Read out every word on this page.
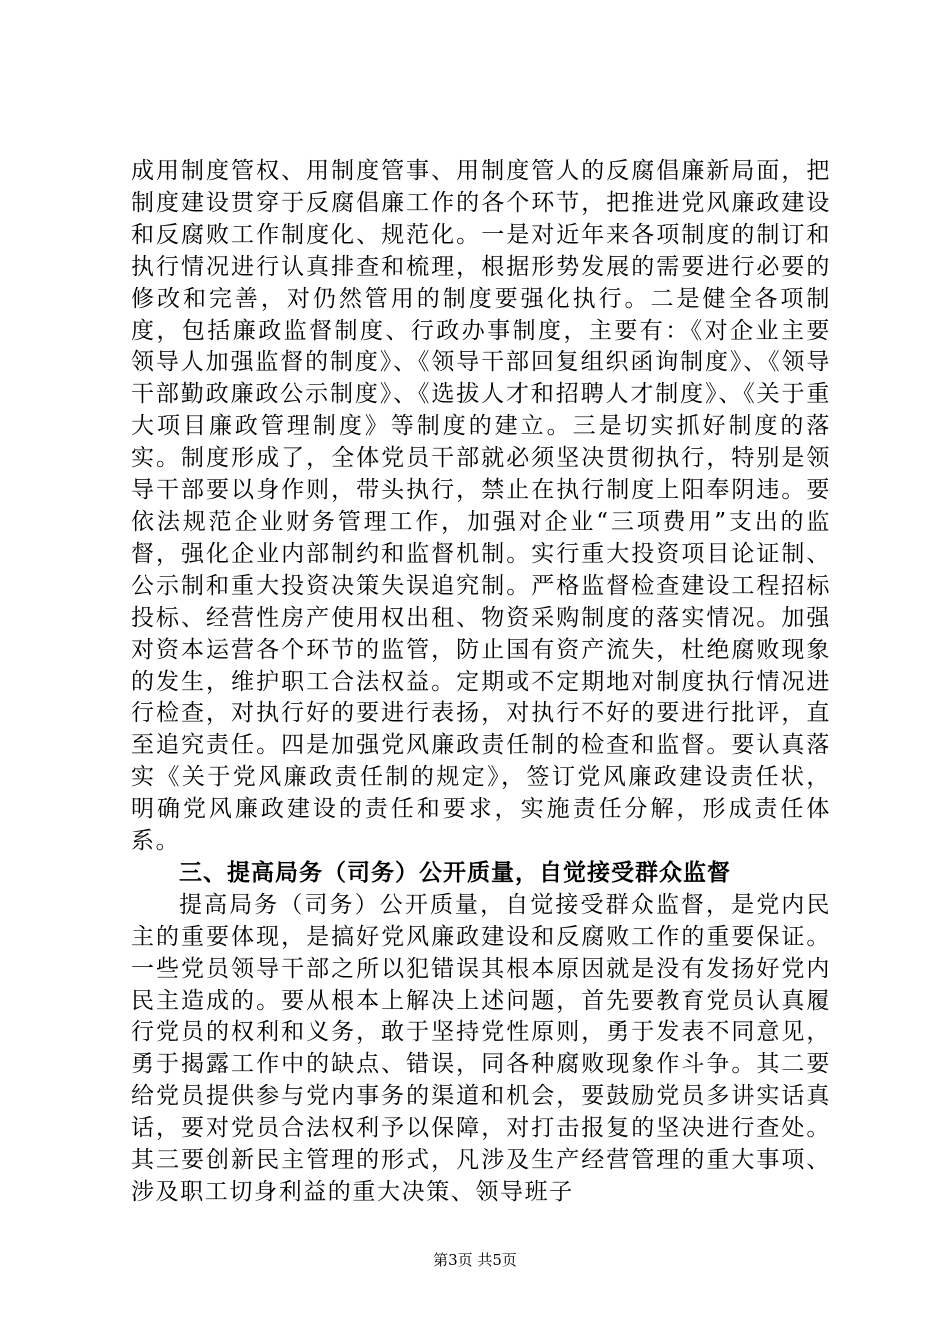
成用制度管权、用制度管事、用制度管人的反腐倡廉新局面，把制度建设贯穿于反腐倡廉工作的各个环节，把推进党风廉政建设和反腐败工作制度化、规范化。一是对近年来各项制度的制订和执行情况进行认真排查和梳理，根据形势发展的需要进行必要的修改和完善，对仍然管用的制度要强化执行。二是健全各项制度，包括廉政监督制度、行政办事制度，主要有：《对企业主要领导人加强监督的制度》、《领导干部回复组织函询制度》、《领导干部勤政廉政公示制度》、《选拔人才和招聘人才制度》、《关于重大项目廉政管理制度》等制度的建立。三是切实抓好制度的落实。制度形成了，全体党员干部就必须坚决贯彻执行，特别是领导干部要以身作则，带头执行，禁止在执行制度上阳奉阴违。要依法规范企业财务管理工作，加强对企业“三项费用”支出的监督，强化企业内部制约和监督机制。实行重大投资项目论证制、公示制和重大投资决策失误追究制。严格监督检查建设工程招标投标、经营性房产使用权出租、物资采购制度的落实情况。加强对资本运营各个环节的监管，防止国有资产流失，杜绝腐败现象的发生，维护职工合法权益。定期或不定期地对制度执行情况进行检查，对执行好的要进行表扬，对执行不好的要进行批评，直至追究责任。四是加强党风廉政责任制的检查和监督。要认真落实《关于党风廉政责任制的规定》，签订党风廉政建设责任状，明确党风廉政建设的责任和要求，实施责任分解，形成责任体系。

三、提高局务（司务）公开质量，自觉接受群众监督

提高局务（司务）公开质量，自觉接受群众监督，是党内民主的重要体现，是搞好党风廉政建设和反腐败工作的重要保证。一些党员领导干部之所以犯错误其根本原因就是没有发扬好党内民主造成的。要从根本上解决上述问题，首先要教育党员认真履行党员的权利和义务，敢于坚持党性原则，勇于发表不同意见，勇于揭露工作中的缺点、错误，同各种腐败现象作斗争。其二要给党员提供参与党内事务的渠道和机会，要鼓励党员多讲实话真话，要对党员合法权利予以保障，对打击报复的坚决进行查处。其三要创新民主管理的形式，凡涉及生产经营管理的重大事项、涉及职工切身利益的重大决策、领导班子

第3页 共5页
